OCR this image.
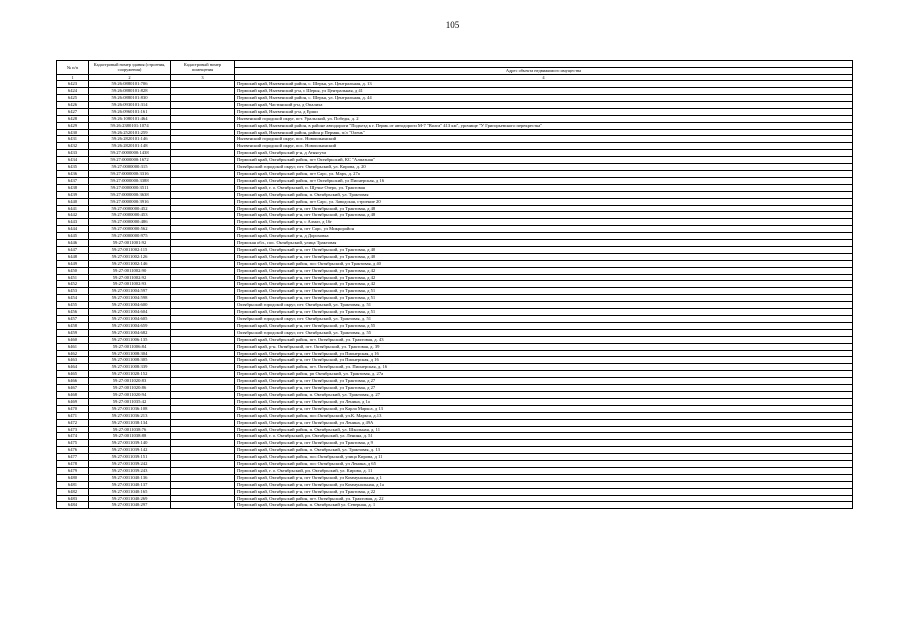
105
№ п/п	Кадастровый номер здания (строения, сооружения)	Кадастровый номер помещения	
			Адрес объекта недвижимого имущества
1	2	3	4
6423	59:26:0880101:706		Пермский край, Нытвенский район, с. Шерья, ул. Центральная, д. 13
6424	59:26:0880101:828		Пермский край, Нытвенский р-н, с Шерья, ул Центральная, д 41
6425	59:26:0880101:830		Пермский край, Нытвенский район, с. Шерья, ул. Центральная, д. 44
6426	59:26:0930101:314		Пермский край, Частинский р-н, д Опалиха
6427	59:26:0960101:161		Пермский край, Нытвенский р-н, д Ерши
6428	59:26:1080101:464		Нытвенский городской округ, пгт. Уральский, ул. Победы, д. 2
6429	59:26:2380101:1074		Пермский край, Нытвенский район, в районе автодороги "Подъезд к г. Пермь от автодороги М-7 "Волга" 413 км", урочище "У Григорьевского перекрестка"
6430	59:26:2520101:259		Пермский край, Нытвенский район, район р Пермяк, п/л "Олень"
6431	59:26:2820101:146		Нытвенский городской округ, пос. Новоильинский
6432	59:26:2820101:148		Нытвенский городской округ, пос. Новоильинский
6433	59:27:0000000:1438		Пермский край, Октябрьский р-н, д Атнягузи
6434	59:27:0000000:1672		Пермский край, Октябрьский район, пгт Октябрьский, КС "Алмазная"
6435	59:27:0000000:315		Октябрьский городской округ, пгт. Октябрьский, ул. Кирова, д. 20
6436	59:27:0000000:3316		Пермский край, Октябрьский район, пгт Сарс, ул. Марх, д. 27а
6437	59:27:0000000:3388		Пермский край, Октябрьский район, пгт Октябрьский, ул Пионерская, д 16
6438	59:27:0000000:3511		Пермский край, г. о. Октябрьский, п. Щучье Озеро, ул. Трактовая
6439	59:27:0000000:3638		Пермский край, Октябрьский район, п. Октябрьский, ул. Трактовая
6440	59:27:0000000:3916		Пермский край, Октябрьский район, пгт Сарс, ул. Заводская, строение 20
6441	59:27:0000000:452		Пермский край, Октябрьский р-н, пгт Октябрьский, ул Трактовая, д 48
6442	59:27:0000000:453		Пермский край, Октябрьский р-н, пгт Октябрьский, ул Трактовая, д 48
6443	59:27:0000000:486		Пермский край, Октябрьский р-н, с Алмаз, д 16г
6444	59:27:0000000:562		Пермский край, Октябрьский р-н, пгт Сарс, ул Микрорайон
6445	59:27:0000000:975		Пермский край, Октябрьский р-н, д Дороховка
6446	59:27:0011001:92		Пермская обл., пос. Октябрьский, улица Трактовая
6447	59:27:0011002:115		Пермский край, Октябрьский р-н, пгт Октябрьский, ул Трактовая, д 40
6448	59:27:0011002:126		Пермский край, Октябрьский р-н, пгт Октябрьский, ул Трактовая, д 40
6449	59:27:0011002:146		Пермский край, Октябрьский район, пос Октябрьский, ул Трактовая, д 40
6450	59:27:0011002:90		Пермский край, Октябрьский р-н, пгт Октябрьский, ул Трактовая, д 42
6451	59:27:0011002:92		Пермский край, Октябрьский р-н, пгт Октябрьский, ул Трактовая, д 42
6452	59:27:0011002:93		Пермский край, Октябрьский р-н, пгт Октябрьский, ул Трактовая, д 42
6453	59:27:0011004:597		Пермский край, Октябрьский р-н, пгт Октябрьский, ул Трактовая, д 51
6454	59:27:0011004:598		Пермский край, Октябрьский р-н, пгт Октябрьский, ул Трактовая, д 51
6455	59:27:0011004:600		Октябрьский городской округ, пгт. Октябрьский, ул. Трактовая, д. 51
6456	59:27:0011004:604		Пермский край, Октябрьский р-н, пгт Октябрьский, ул Трактовая, д 51
6457	59:27:0011004:605		Октябрьский городской округ, пгт. Октябрьский, ул. Трактовая, д. 51
6458	59:27:0011004:659		Пермский край, Октябрьский р-н, пгт Октябрьский, ул Трактовая, д 55
6459	59:27:0011004:682		Октябрьский городской округ, пгт. Октябрьский, ул. Трактовая, д. 55
6460	59:27:0011006:135		Пермский край, Октябрьский район, пгт. Октябрьский, ул. Трактовая, д. 43
6461	59:27:0011006:84		Пермский край, р-н. Октябрьский, пгт. Октябрьский, ул. Трактовая, д. 39
6462	59:27:0011008:304		Пермский край, Октябрьский р-н, пгт Октябрьский, ул Пионерская, д 16
6463	59:27:0011008:305		Пермский край, Октябрьский р-н, пгт Октябрьский, ул Пионерская, д 16
6464	59:27:0011008:339		Пермский край, Октябрьский район, пгт. Октябрьский, ул. Пионерская, д. 16
6465	59:27:0011020:152		Пермский край, Октябрьский район, рп Октябрьский, ул. Трактовая, д. 27а
6466	59:27:0011020:83		Пермский край, Октябрьский р-н, пгт Октябрьский, ул Трактовая, д 27
6467	59:27:0011020:86		Пермский край, Октябрьский р-н, пгт Октябрьский, ул Трактовая, д 27
6468	59:27:0011020:94		Пермский край, Октябрьский район, п. Октябрьский, ул. Трактовая, д. 27
6469	59:27:0011035:42		Пермский край, Октябрьский р-н, пгт Октябрьский, ул Ленина, д 1а
6470	59:27:0011036:108		Пермский край, Октябрьский р-н, пгт Октябрьский, ул Карла Маркса, д 13
6471	59:27:0011036:213		Пермский край, Октябрьский район, пос.Октябрьский, ул.К. Маркса, д.13
6472	59:27:0011038:134		Пермский край, Октябрьский р-н, пгт Октябрьский, ул Ленина, д 49А
6473	59:27:0011038:76		Пермский край, Октябрьский район, п. Октябрьский, ул. Школьная, д. 11
6474	59:27:0011038:88		Пермский край, г. о. Октябрьский, рп. Октябрьский, ул. Ленина, д. 51
6475	59:27:0011039:140		Пермский край, Октябрьский р-н, пгт Октябрьский, ул Трактовая, д 9
6476	59:27:0011039:142		Пермский край, Октябрьский район, п. Октябрьский, ул. Трактовая, д. 13
6477	59:27:0011039:151		Пермский край, Октябрьский район, пос.Октябрьский, улица Кирова, д 11
6478	59:27:0011039:242		Пермский край, Октябрьский район, пос Октябрьский, ул Ленина, д 65
6479	59:27:0011039:243		Пермский край, г. о. Октябрьский, рп. Октябрьский, ул. Кирова, д. 11
6480	59:27:0011040:136		Пермский край, Октябрьский р-н, пгт Октябрьский, ул Коммунальная, д 1
6481	59:27:0011040:137		Пермский край, Октябрьский р-н, пгт Октябрьский, ул Коммунальная, д 1а
6482	59:27:0011040:165		Пермский край, Октябрьский р-н, пгт Октябрьский, ул Трактовая, д 22
6483	59:27:0011040:269		Пермский край, Октябрьский район, пгт. Октябрьский, ул. Трактовая, д. 22
6484	59:27:0011040:297		Пермский край, Октябрьский район, п. Октябрьский ул. Северная, д. 1
